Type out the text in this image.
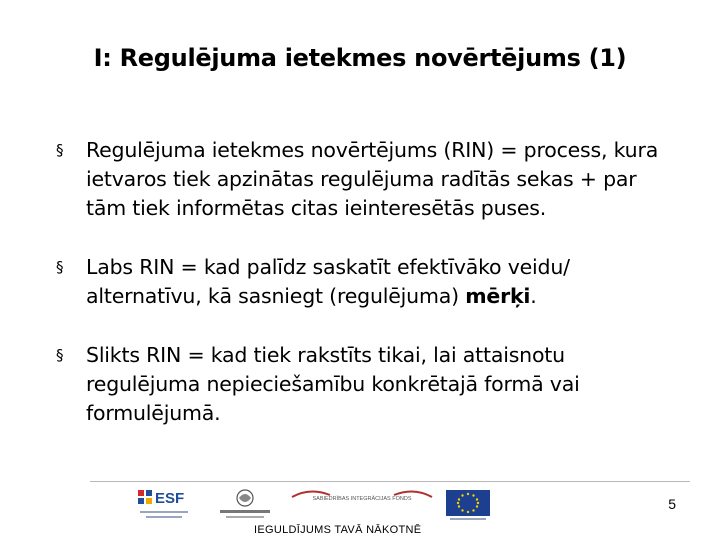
I: Regulējuma ietekmes novērtējums (1)
§ Regulējuma ietekmes novērtējums (RIN) = process, kura ietvaros tiek apzinātas regulējuma radītās sekas + par tām tiek informētas citas ieinteresētās puses.
§ Labs RIN = kad palīdz saskatīt efektīvāko veidu/ alternatīvu, kā sasniegt (regulējuma) mērķi.
§ Slikts RIN = kad tiek rakstīts tikai, lai attaisnotu regulējuma nepieciešamību konkrētajā formā vai formulējumā.
ESF	SABIEDRĪBAS INTEGRĀCIJAS FONDS	5
IEGULDĪJUMS TAVĀ NĀKOTNĒ
